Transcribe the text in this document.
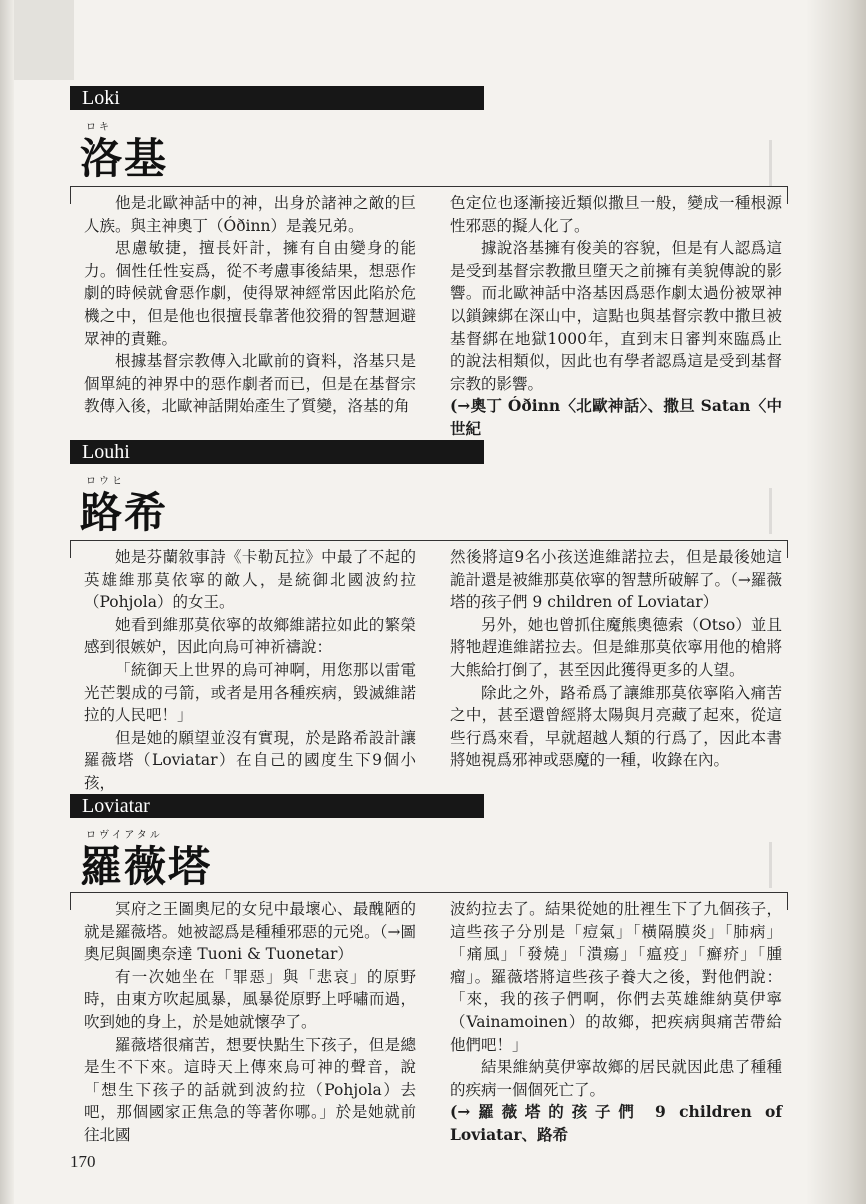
Loki
ロキ
洛基

他是北歐神話中的神，出身於諸神之敵的巨人族。與主神奧丁（Óðinn）是義兄弟。

思慮敏捷，擅長奸計，擁有自由變身的能力。個性任性妄爲，從不考慮事後結果，想惡作劇的時候就會惡作劇，使得眾神經常因此陷於危機之中，但是他也很擅長靠著他狡猾的智慧迴避眾神的責難。

根據基督宗教傳入北歐前的資料，洛基只是個單純的神界中的惡作劇者而已，但是在基督宗教傳入後，北歐神話開始產生了質變，洛基的角

色定位也逐漸接近類似撒旦一般，變成一種根源性邪惡的擬人化了。

據說洛基擁有俊美的容貌，但是有人認爲這是受到基督宗教撒旦墮天之前擁有美貌傳說的影響。而北歐神話中洛基因爲惡作劇太過份被眾神以鎖鍊綁在深山中，這點也與基督宗教中撒旦被基督綁在地獄1000年，直到末日審判來臨爲止的說法相類似，因此也有學者認爲這是受到基督宗教的影響。

(→奧丁 Óðinn〈北歐神話〉、撒旦 Satan〈中世紀

Louhi
ロウヒ
路希

她是芬蘭敘事詩《卡勒瓦拉》中最了不起的英雄維那莫依寧的敵人，是統御北國波約拉（Pohjola）的女王。

她看到維那莫依寧的故鄉維諾拉如此的繁榮感到很嫉妒，因此向烏可神祈禱說：

「統御天上世界的烏可神啊，用您那以雷電光芒製成的弓箭，或者是用各種疾病，毀滅維諾拉的人民吧！」

但是她的願望並沒有實現，於是路希設計讓羅薇塔（Loviatar）在自己的國度生下9個小孩，

然後將這9名小孩送進維諾拉去，但是最後她這詭計還是被維那莫依寧的智慧所破解了。（→羅薇塔的孩子們 9 children of Loviatar）

另外，她也曾抓住魔熊奧德索（Otso）並且將牠趕進維諾拉去。但是維那莫依寧用他的槍將大熊給打倒了，甚至因此獲得更多的人望。

除此之外，路希爲了讓維那莫依寧陷入痛苦之中，甚至還曾經將太陽與月亮藏了起來，從這些行爲來看，早就超越人類的行爲了，因此本書將她視爲邪神或惡魔的一種，收錄在內。

Loviatar
ロヴイアタル
羅薇塔

冥府之王圖奧尼的女兒中最壞心、最醜陋的就是羅薇塔。她被認爲是種種邪惡的元兇。（→圖奧尼與圖奧奈達 Tuoni & Tuonetar）

有一次她坐在「罪惡」與「悲哀」的原野時，由東方吹起風暴，風暴從原野上呼嘯而過，吹到她的身上，於是她就懷孕了。

羅薇塔很痛苦，想要快點生下孩子，但是總是生不下來。這時天上傳來烏可神的聲音，說「想生下孩子的話就到波約拉（Pohjola）去吧，那個國家正焦急的等著你哪。」於是她就前往北國

波約拉去了。結果從她的肚裡生下了九個孩子，這些孩子分別是「痘氣」「橫隔膜炎」「肺病」「痛風」「發燒」「潰瘍」「瘟疫」「癬疥」「腫瘤」。羅薇塔將這些孩子養大之後，對他們說：「來，我的孩子們啊，你們去英雄維納莫伊寧（Vainamoinen）的故鄉，把疾病與痛苦帶給他們吧！」

結果維納莫伊寧故鄉的居民就因此患了種種的疾病一個個死亡了。

(→羅薇塔的孩子們 9 children of Loviatar、路希

170
